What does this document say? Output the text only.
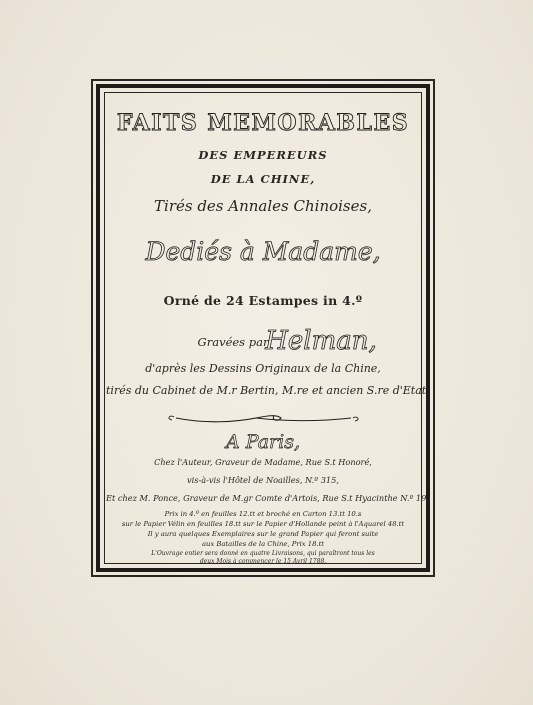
FAITS MEMORABLES
DES EMPEREURS
DE LA CHINE,
Tirés des Annales Chinoises,
Dediés à Madame,
Orné de 24 Estampes in 4.º
Gravées par
Helman,
d'après les Dessins Originaux de la Chine,
tirés du Cabinet de M.r Bertin, M.re et ancien S.re d'Etat.
A Paris,
Chez l'Auteur, Graveur de Madame, Rue S.t Honoré,
vis-à-vis l'Hôtel de Noailles, N.º 315,
Et chez M. Ponce, Graveur de M.gr Comte d'Artois, Rue S.t Hyacinthe N.º 19.
Prix in 4.º en feuilles 12.tt et broché en Carton 13.tt 10.s
sur le Papier Vélin en feuilles 18.tt sur le Papier d'Hollande peint à l'Aquarel 48.tt
Il y aura quelques Exemplaires sur le grand Papier qui feront suite
aux Batailles de la Chine, Prix 18.tt
L'Ouvrage entier sera donné en quatre Livraisons, qui paraîtront tous les
deux Mois à commencer le 15 Avril 1788.
